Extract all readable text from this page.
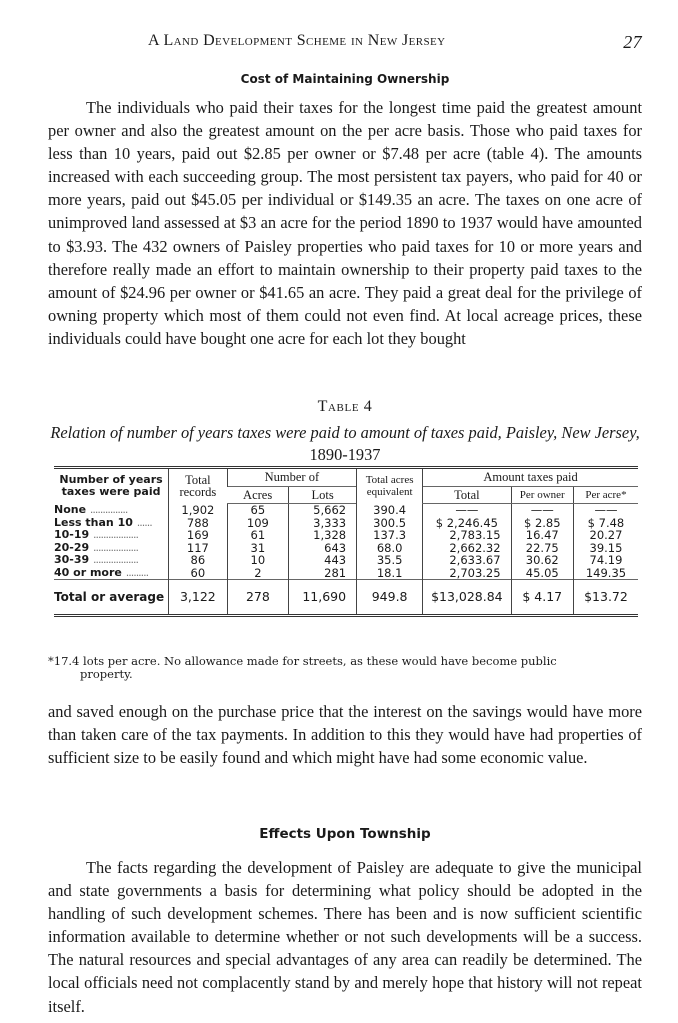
A Land Development Scheme in New Jersey	27
Cost of Maintaining Ownership

The individuals who paid their taxes for the longest time paid the greatest amount per owner and also the greatest amount on the per acre basis. Those who paid taxes for less than 10 years, paid out $2.85 per owner or $7.48 per acre (table 4). The amounts increased with each succeeding group. The most persistent tax payers, who paid for 40 or more years, paid out $45.05 per individual or $149.35 an acre. The taxes on one acre of unimproved land assessed at $3 an acre for the period 1890 to 1937 would have amounted to $3.93. The 432 owners of Paisley properties who paid taxes for 10 or more years and therefore really made an effort to maintain ownership to their property paid taxes to the amount of $24.96 per owner or $41.65 an acre. They paid a great deal for the privilege of owning property which most of them could not even find. At local acreage prices, these individuals could have bought one acre for each lot they bought

Table 4
Relation of number of years taxes were paid to amount of taxes paid, Paisley, New Jersey, 1890-1937
Number of years taxes were paid	Total records	Number of		Total acres equivalent	Amount taxes paid		
		Acres	Lots		Total	Per owner	Per acre*
None ...............	1,902	65	5,662	390.4	——	——	——
Less than 10 ......	788	109	3,333	300.5	$ 2,246.45	$ 2.85	$ 7.48
10-19 ..................	169	61	1,328	137.3	2,783.15	16.47	20.27
20-29 ..................	117	31	643	68.0	2,662.32	22.75	39.15
30-39 ..................	86	10	443	35.5	2,633.67	30.62	74.19
40 or more .........	60	2	281	18.1	2,703.25	45.05	149.35
Total or average	3,122	278	11,690	949.8	$13,028.84	$ 4.17	$13.72
*17.4 lots per acre. No allowance made for streets, as these would have become public
property.

and saved enough on the purchase price that the interest on the savings would have more than taken care of the tax payments. In addition to this they would have had properties of sufficient size to be easily found and which might have had some economic value.

Effects Upon Township

The facts regarding the development of Paisley are adequate to give the municipal and state governments a basis for determining what policy should be adopted in the handling of such development schemes. There has been and is now sufficient scientific information available to determine whether or not such developments will be a success. The natural resources and special advantages of any area can readily be determined. The local officials need not complacently stand by and merely hope that history will not repeat itself.
